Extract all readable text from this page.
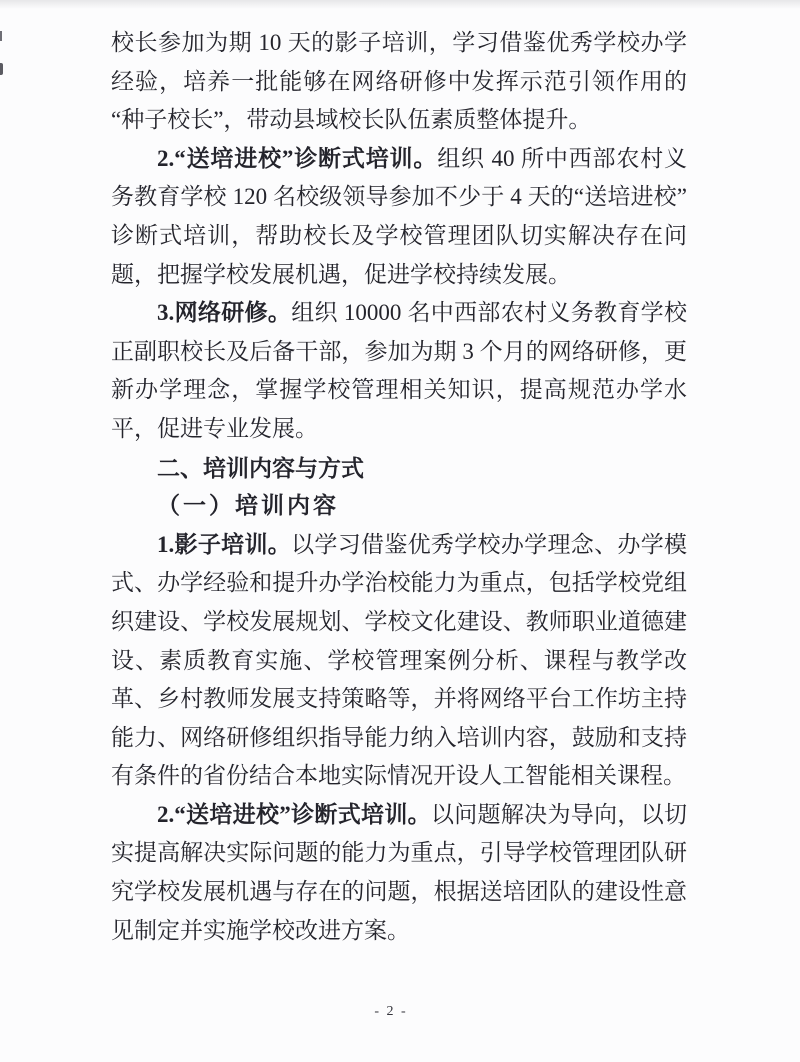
校长参加为期 10 天的影子培训，学习借鉴优秀学校办学经验，培养一批能够在网络研修中发挥示范引领作用的“种子校长”，带动县域校长队伍素质整体提升。

2.“送培进校”诊断式培训。组织 40 所中西部农村义务教育学校 120 名校级领导参加不少于 4 天的“送培进校”诊断式培训，帮助校长及学校管理团队切实解决存在问题，把握学校发展机遇，促进学校持续发展。

3.网络研修。组织 10000 名中西部农村义务教育学校正副职校长及后备干部，参加为期 3 个月的网络研修，更新办学理念，掌握学校管理相关知识，提高规范办学水平，促进专业发展。

二、培训内容与方式

（一）培训内容

1.影子培训。以学习借鉴优秀学校办学理念、办学模式、办学经验和提升办学治校能力为重点，包括学校党组织建设、学校发展规划、学校文化建设、教师职业道德建设、素质教育实施、学校管理案例分析、课程与教学改革、乡村教师发展支持策略等，并将网络平台工作坊主持能力、网络研修组织指导能力纳入培训内容，鼓励和支持有条件的省份结合本地实际情况开设人工智能相关课程。

2.“送培进校”诊断式培训。以问题解决为导向，以切实提高解决实际问题的能力为重点，引导学校管理团队研究学校发展机遇与存在的问题，根据送培团队的建设性意见制定并实施学校改进方案。

- 2 -
